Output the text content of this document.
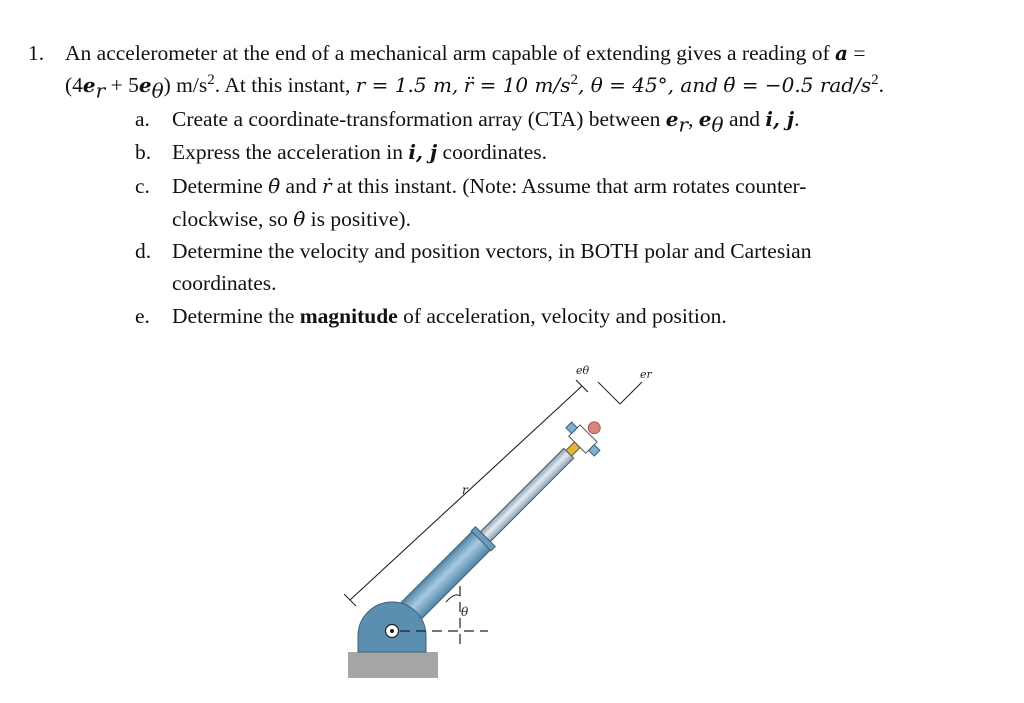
1. An accelerometer at the end of a mechanical arm capable of extending gives a reading of a =
$(4e_r + 5e_\theta)$ $m/s^2$. At this instant, r = 1.5 m, r̈ = 10 $m/s^2$, θ = 45°, and θ̈ = −0.5 rad/$s^2$.
a. Create a coordinate-transformation array (CTA) between $e_r$, $e_\theta$ and i, j.
b. Express the acceleration in i, j coordinates.
c. Determine θ̇ and ṙ at this instant. (Note: Assume that arm rotates counter-
clockwise, so θ̇ is positive).
d. Determine the velocity and position vectors, in BOTH polar and Cartesian
coordinates.
e. Determine the magnitude of acceleration, velocity and position.
r
θ
eθ	er
